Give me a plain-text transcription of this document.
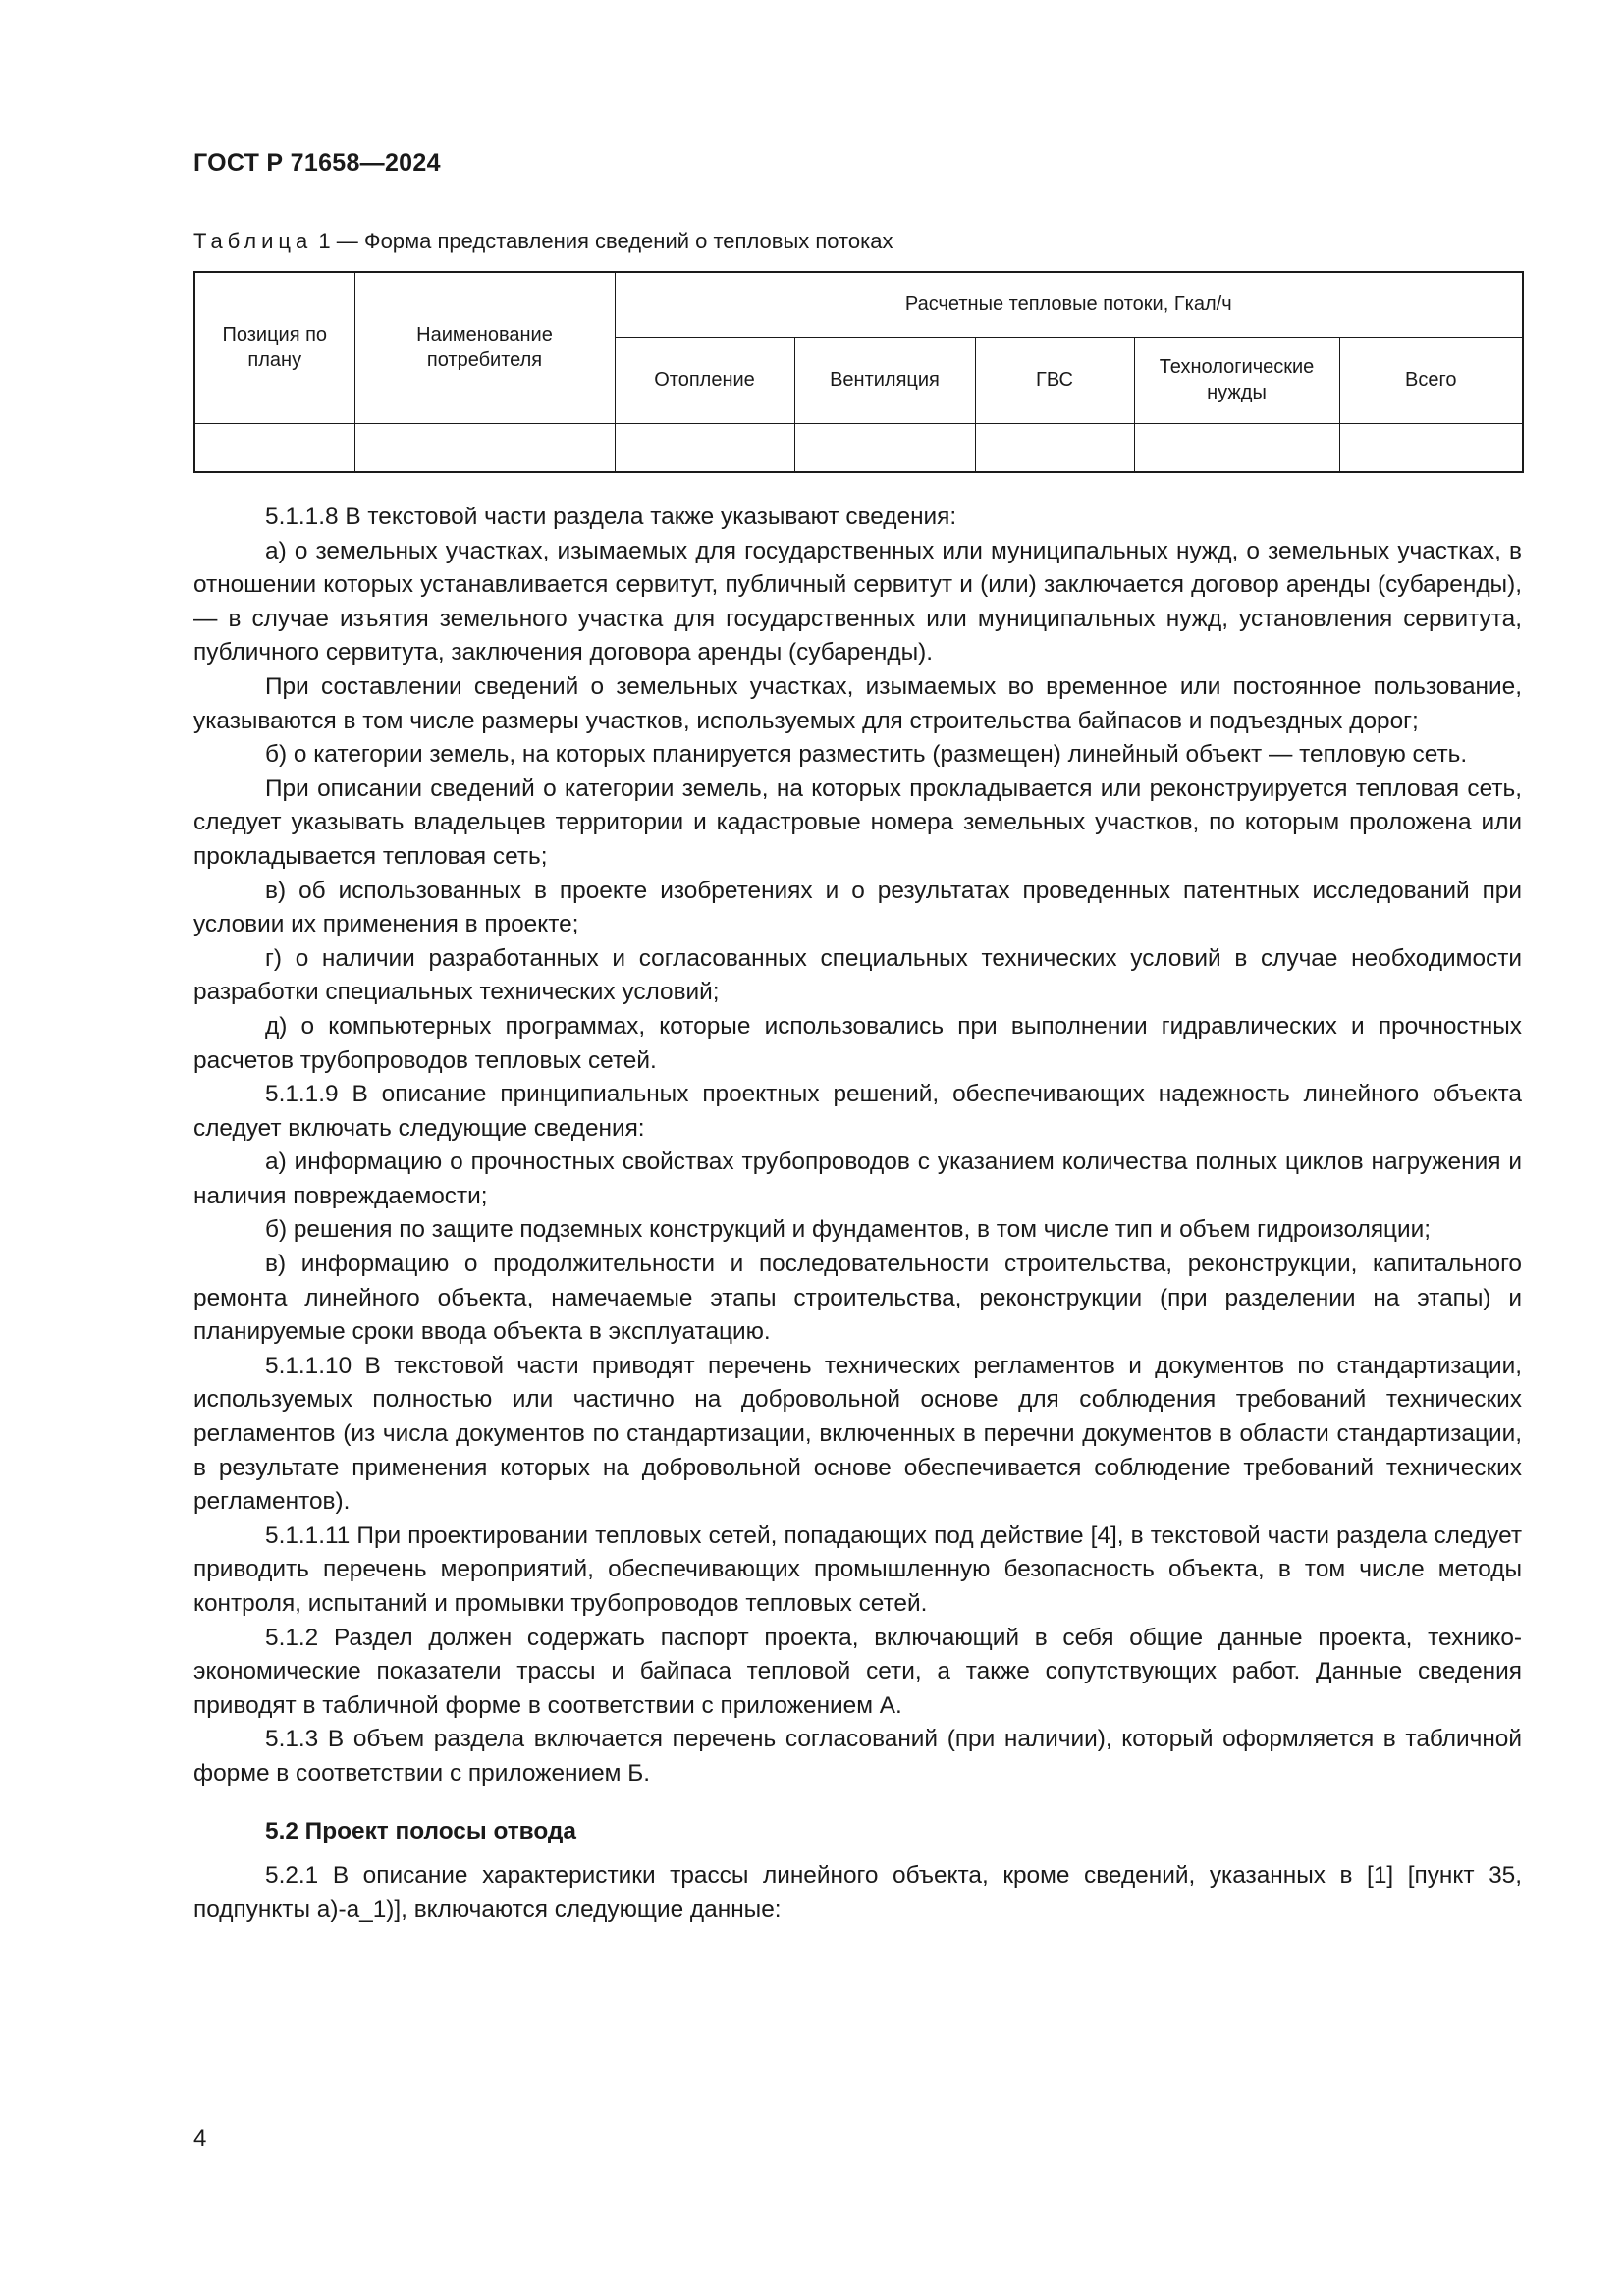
ГОСТ Р 71658—2024
Таблица 1 — Форма представления сведений о тепловых потоках
Позиция по плану	Наименование потребителя	Расчетные тепловые потоки, Гкал/ч				
		Отопление	Вентиляция	ГВС	Технологические нужды	Всего

5.1.1.8 В текстовой части раздела также указывают сведения:

а) о земельных участках, изымаемых для государственных или муниципальных нужд, о земельных участках, в отношении которых устанавливается сервитут, публичный сервитут и (или) заключается договор аренды (субаренды), — в случае изъятия земельного участка для государственных или муниципальных нужд, установления сервитута, публичного сервитута, заключения договора аренды (субаренды).

При составлении сведений о земельных участках, изымаемых во временное или постоянное пользование, указываются в том числе размеры участков, используемых для строительства байпасов и подъездных дорог;

б) о категории земель, на которых планируется разместить (размещен) линейный объект — тепловую сеть.

При описании сведений о категории земель, на которых прокладывается или реконструируется тепловая сеть, следует указывать владельцев территории и кадастровые номера земельных участков, по которым проложена или прокладывается тепловая сеть;

в) об использованных в проекте изобретениях и о результатах проведенных патентных исследований при условии их применения в проекте;

г) о наличии разработанных и согласованных специальных технических условий в случае необходимости разработки специальных технических условий;

д) о компьютерных программах, которые использовались при выполнении гидравлических и прочностных расчетов трубопроводов тепловых сетей.

5.1.1.9 В описание принципиальных проектных решений, обеспечивающих надежность линейного объекта следует включать следующие сведения:

а) информацию о прочностных свойствах трубопроводов с указанием количества полных циклов нагружения и наличия повреждаемости;

б) решения по защите подземных конструкций и фундаментов, в том числе тип и объем гидроизоляции;

в) информацию о продолжительности и последовательности строительства, реконструкции, капитального ремонта линейного объекта, намечаемые этапы строительства, реконструкции (при разделении на этапы) и планируемые сроки ввода объекта в эксплуатацию.

5.1.1.10 В текстовой части приводят перечень технических регламентов и документов по стандартизации, используемых полностью или частично на добровольной основе для соблюдения требований технических регламентов (из числа документов по стандартизации, включенных в перечни документов в области стандартизации, в результате применения которых на добровольной основе обеспечивается соблюдение требований технических регламентов).

5.1.1.11 При проектировании тепловых сетей, попадающих под действие [4], в текстовой части раздела следует приводить перечень мероприятий, обеспечивающих промышленную безопасность объекта, в том числе методы контроля, испытаний и промывки трубопроводов тепловых сетей.

5.1.2 Раздел должен содержать паспорт проекта, включающий в себя общие данные проекта, технико-экономические показатели трассы и байпаса тепловой сети, а также сопутствующих работ. Данные сведения приводят в табличной форме в соответствии с приложением А.

5.1.3 В объем раздела включается перечень согласований (при наличии), который оформляется в табличной форме в соответствии с приложением Б.

5.2 Проект полосы отвода

5.2.1 В описание характеристики трассы линейного объекта, кроме сведений, указанных в [1] [пункт 35, подпункты а)-а_1)], включаются следующие данные:

4
